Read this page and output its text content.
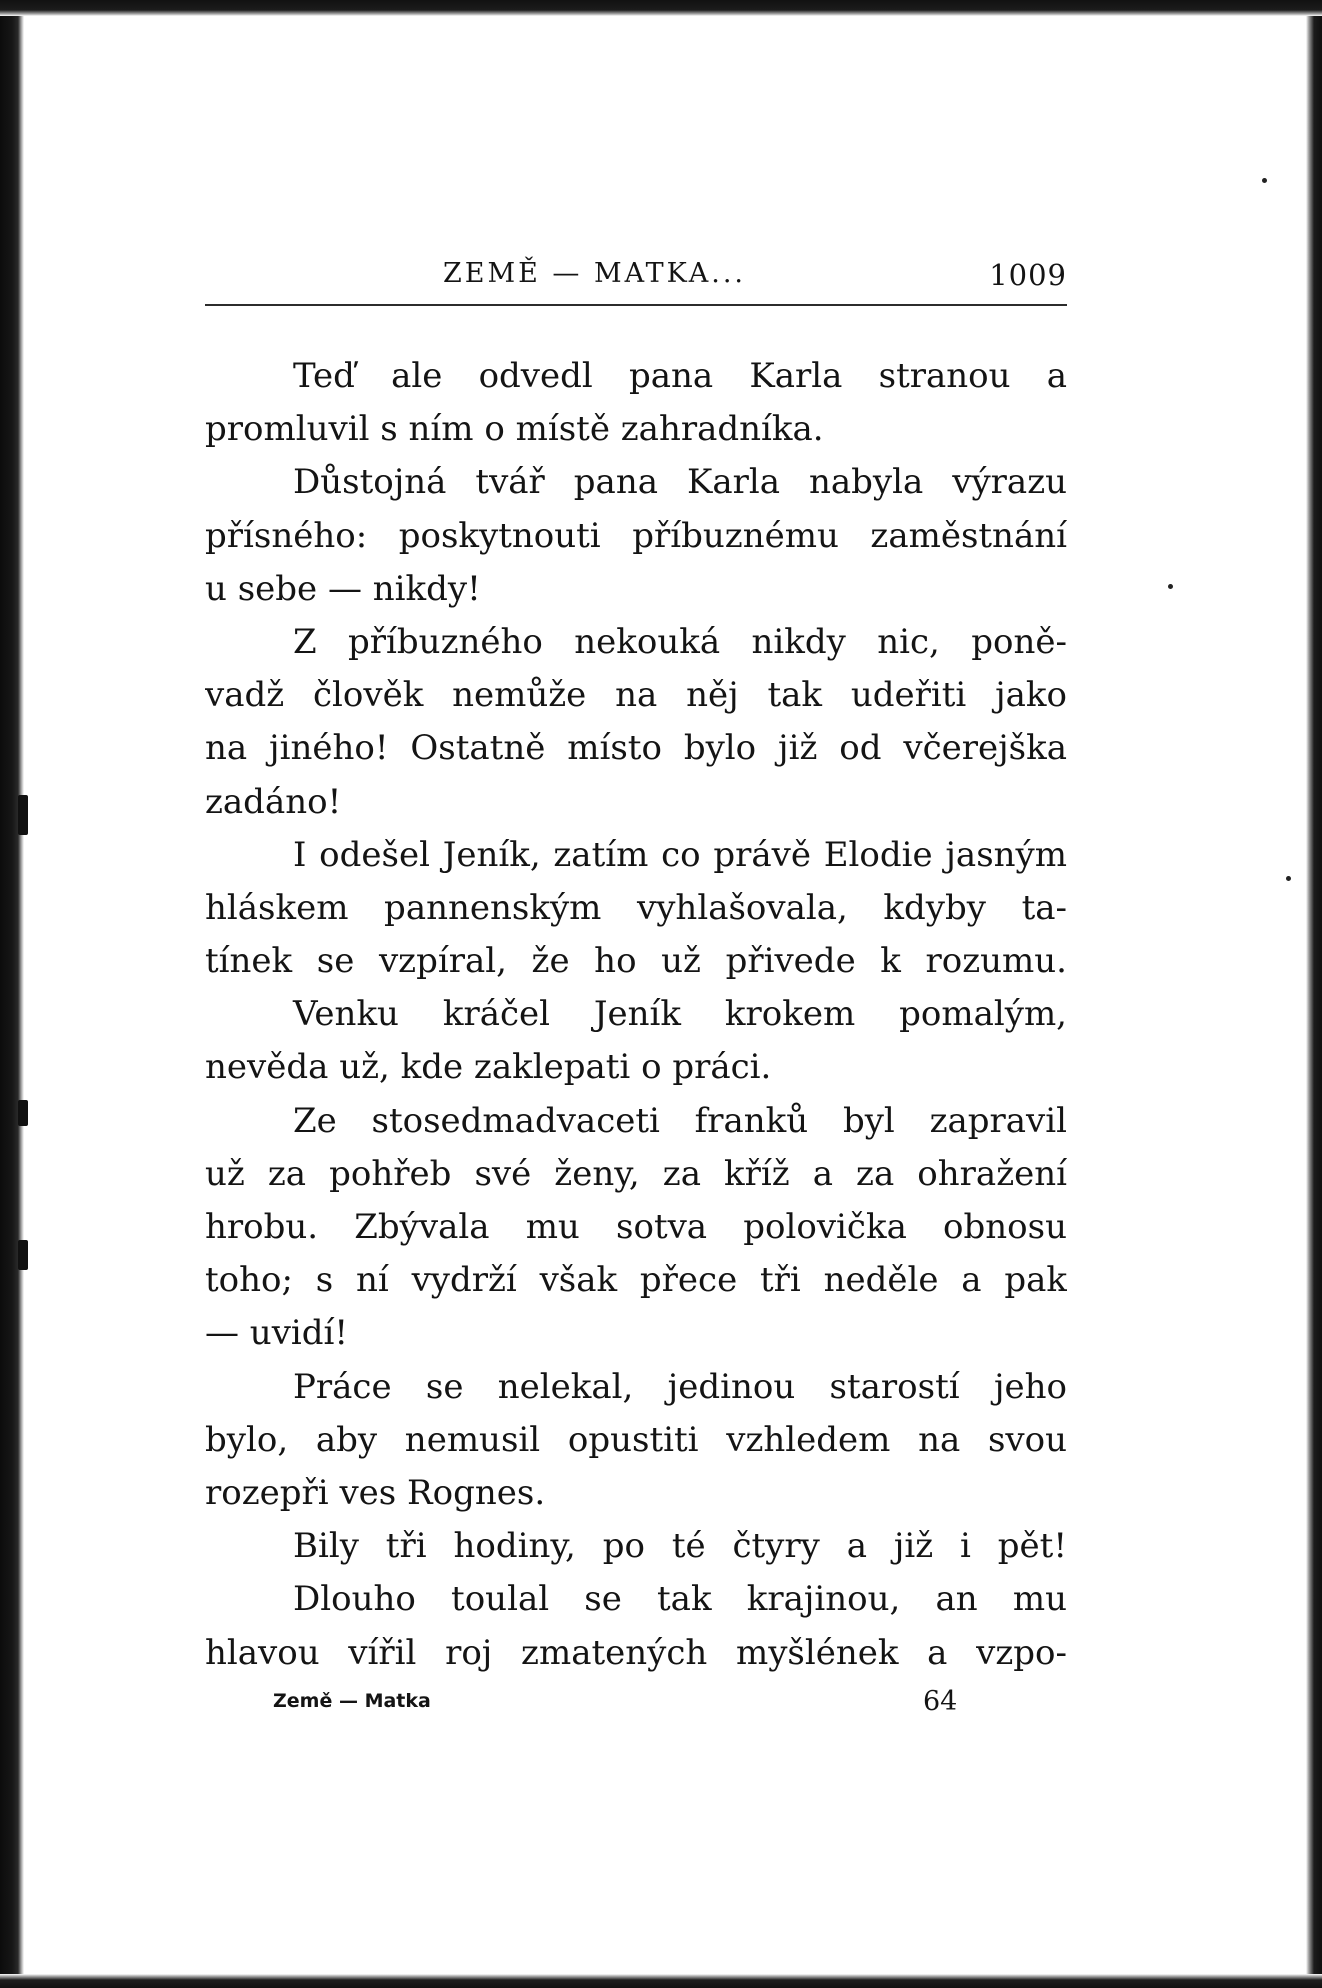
ZEMĚ — MATKA...	1009
Teď ale odvedl pana Karla stranou a
promluvil s ním o místě zahradníka.
Důstojná tvář pana Karla nabyla výrazu
přísného: poskytnouti příbuznému zaměstnání
u sebe — nikdy!
Z příbuzného nekouká nikdy nic, poně-
vadž člověk nemůže na něj tak udeřiti jako
na jiného! Ostatně místo bylo již od včerejška
zadáno!
I odešel Jeník, zatím co právě Elodie jasným
hláskem pannenským vyhlašovala, kdyby ta-
tínek se vzpíral, že ho už přivede k rozumu.
Venku kráčel Jeník krokem pomalým,
nevěda už, kde zaklepati o práci.
Ze stosedmadvaceti franků byl zapravil
už za pohřeb své ženy, za kříž a za ohražení
hrobu. Zbývala mu sotva polovička obnosu
toho; s ní vydrží však přece tři neděle a pak
— uvidí!
Práce se nelekal, jedinou starostí jeho
bylo, aby nemusil opustiti vzhledem na svou
rozepři ves Rognes.
Bily tři hodiny, po té čtyry a již i pět!
Dlouho toulal se tak krajinou, an mu
hlavou vířil roj zmatených myšlének a vzpo-
Země — Matka	64
